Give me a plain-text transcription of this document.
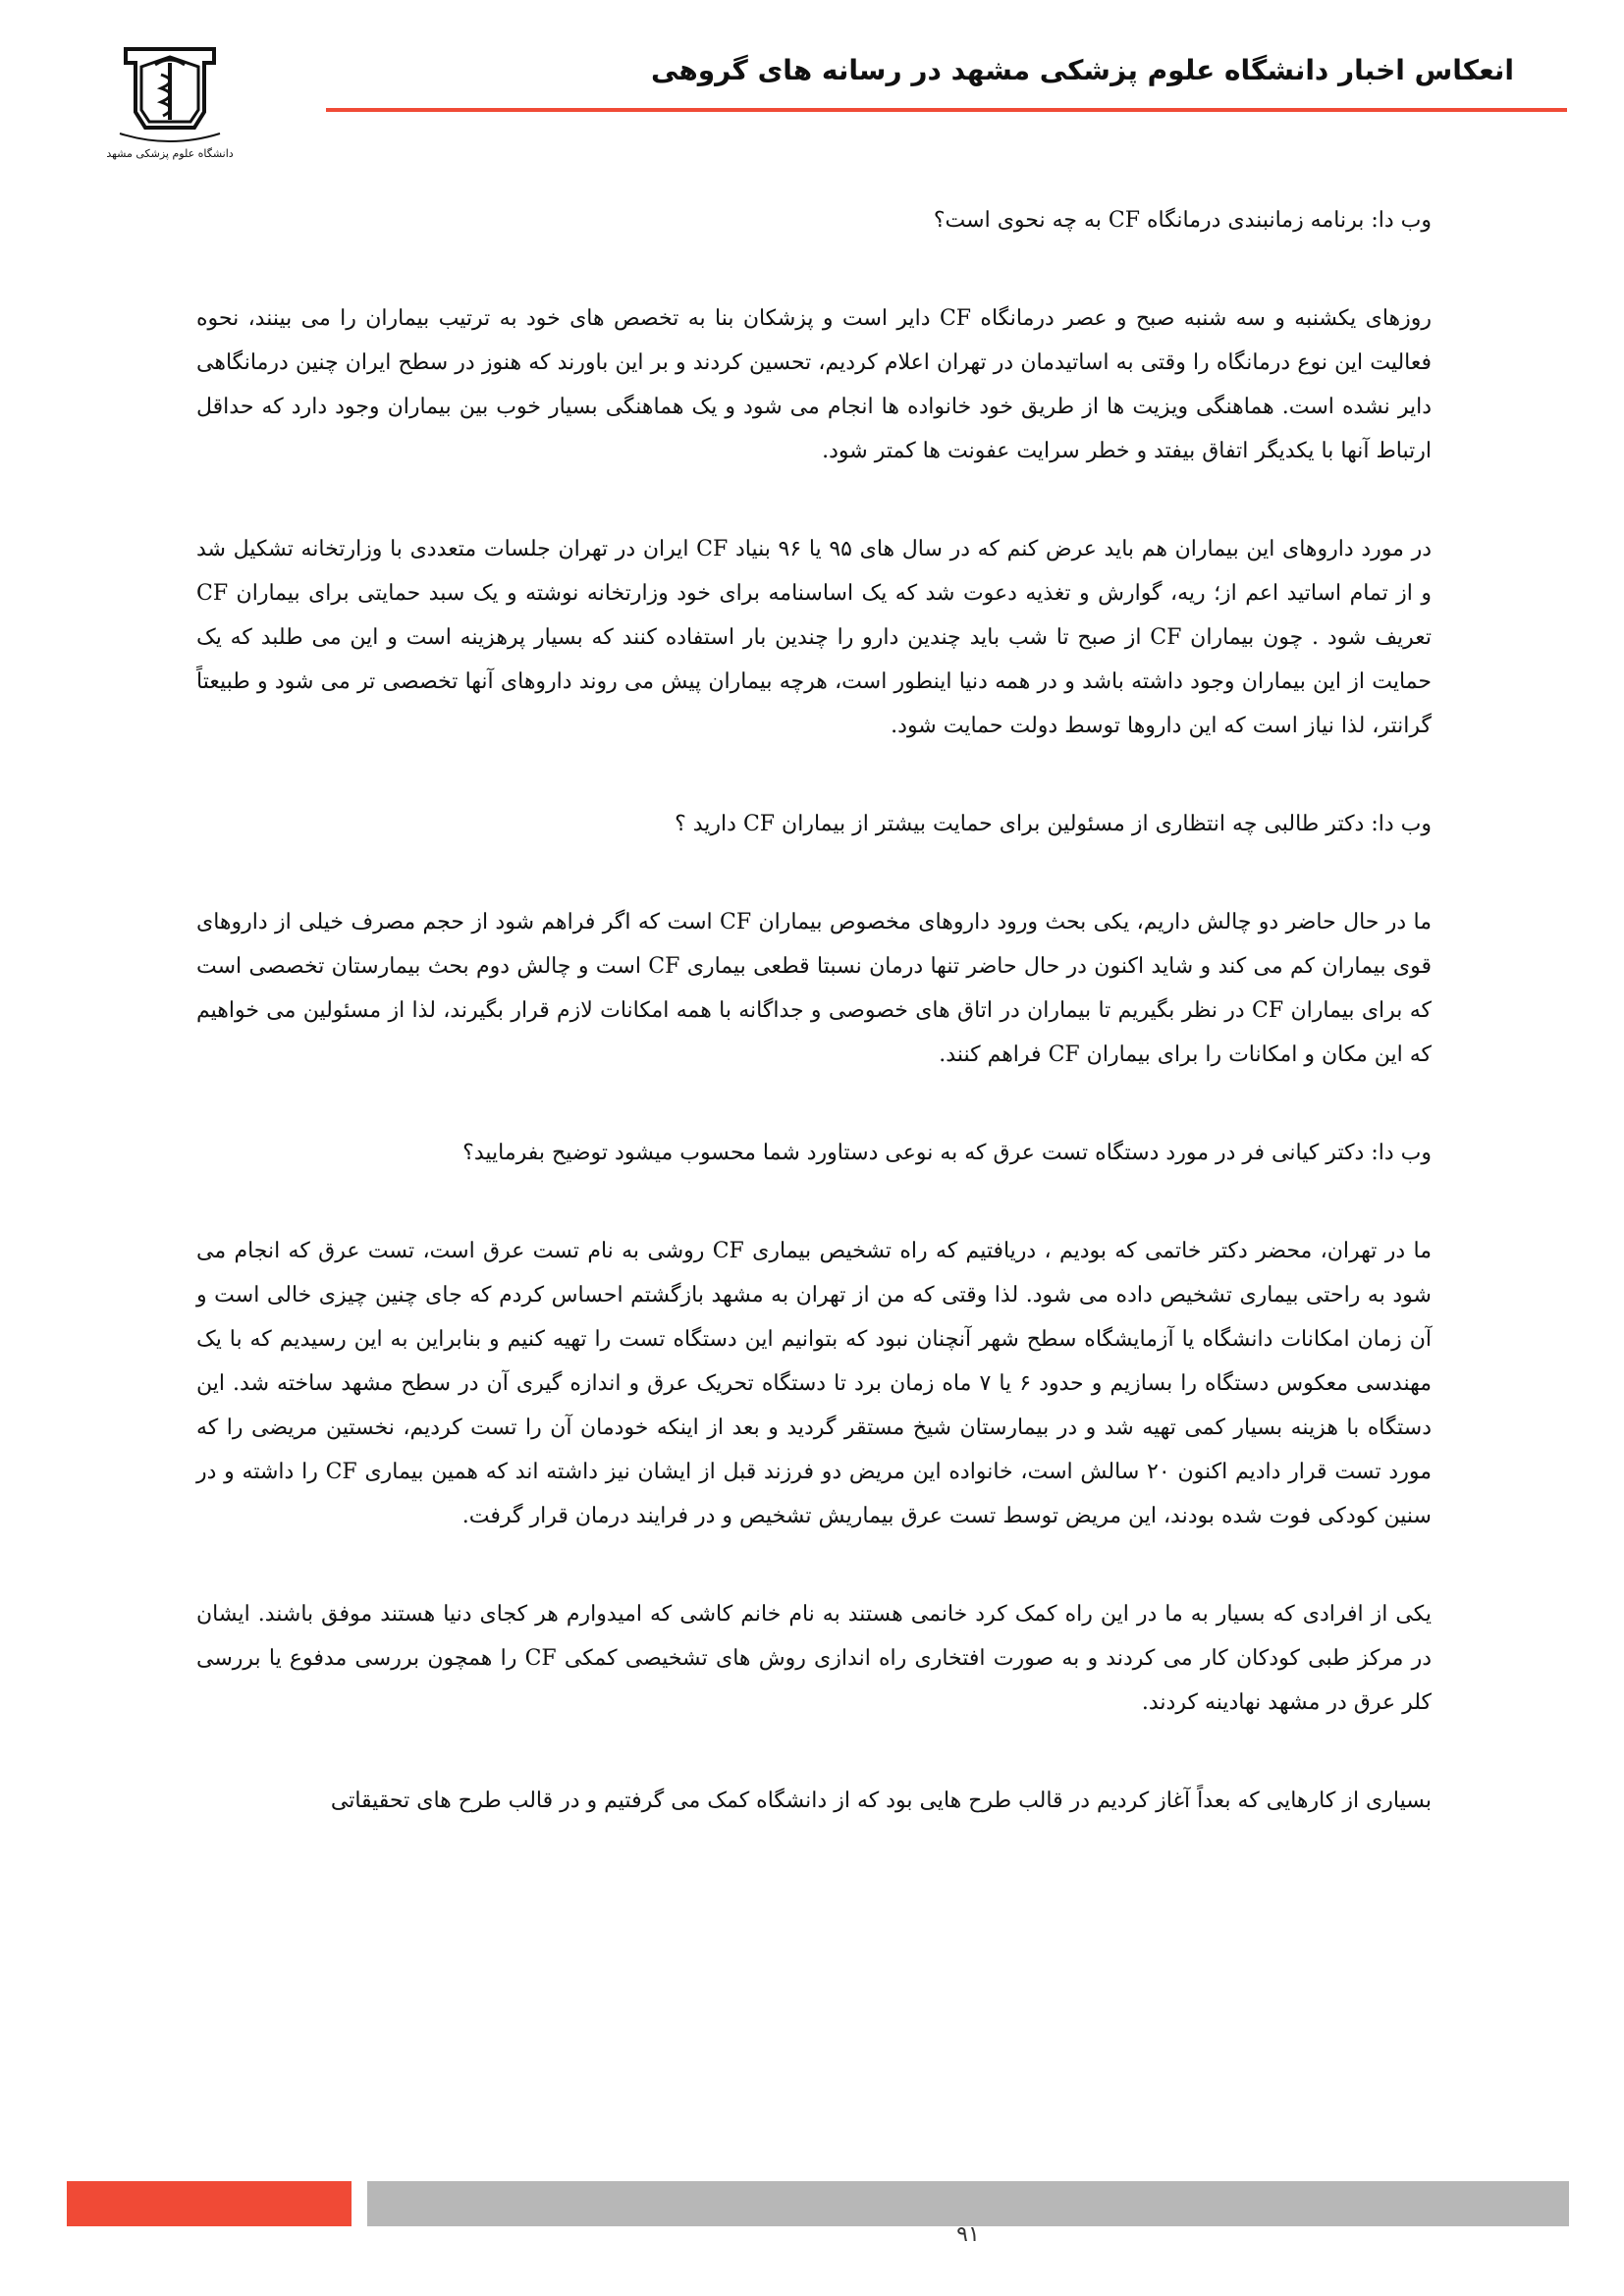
دانشگاه علوم پزشکی مشهد
انعکاس اخبار دانشگاه علوم پزشکی مشهد در رسانه های گروهی

وب دا: برنامه زمانبندی درمانگاه CF به چه نحوی است؟

روزهای یکشنبه و سه شنبه صبح و عصر درمانگاه CF دایر است و پزشکان بنا به تخصص های خود به ترتیب بیماران را می بینند، نحوه فعالیت این نوع درمانگاه را وقتی به اساتیدمان در تهران اعلام کردیم، تحسین کردند و بر این باورند که هنوز در سطح ایران چنین درمانگاهی دایر نشده است. هماهنگی ویزیت ها از طریق خود خانواده ها انجام می شود و یک هماهنگی بسیار خوب بین بیماران وجود دارد که حداقل ارتباط آنها با یکدیگر اتفاق بیفتد و خطر سرایت عفونت ها کمتر شود.

در مورد داروهای این بیماران هم باید عرض کنم که در سال های ۹۵ یا ۹۶ بنیاد CF ایران در تهران جلسات متعددی با وزارتخانه تشکیل شد و از تمام اساتید اعم از؛ ریه، گوارش و تغذیه دعوت شد که یک اساسنامه برای خود وزارتخانه نوشته و یک سبد حمایتی برای بیماران CF تعریف شود . چون بیماران CF از صبح تا شب باید چندین دارو را چندین بار استفاده کنند که بسیار پرهزینه است و این می طلبد که یک حمایت از این بیماران وجود داشته باشد و در همه دنیا اینطور است، هرچه بیماران پیش می روند داروهای آنها تخصصی تر می شود و طبیعتاً گرانتر، لذا نیاز است که این داروها توسط دولت حمایت شود.

وب دا: دکتر طالبی چه انتظاری از مسئولین برای حمایت بیشتر از بیماران CF دارید ؟

ما در حال حاضر دو چالش داریم، یکی بحث ورود داروهای مخصوص بیماران CF است که اگر فراهم شود از حجم مصرف خیلی از داروهای قوی بیماران کم می کند و شاید اکنون در حال حاضر تنها درمان نسبتا قطعی بیماری CF است و چالش دوم بحث بیمارستان تخصصی است که برای بیماران CF در نظر بگیریم تا بیماران در اتاق های خصوصی و جداگانه با همه امکانات لازم قرار بگیرند، لذا از مسئولین می خواهیم که این مکان و امکانات را برای بیماران CF فراهم کنند.

وب دا: دکتر کیانی فر در مورد دستگاه تست عرق که به نوعی دستاورد شما محسوب میشود توضیح بفرمایید؟

ما در تهران، محضر دکتر خاتمی که بودیم ، دریافتیم که راه تشخیص بیماری CF روشی به نام تست عرق است، تست عرق که انجام می شود به راحتی بیماری تشخیص داده می شود. لذا وقتی که من از تهران به مشهد بازگشتم احساس کردم که جای چنین چیزی خالی است و آن زمان امکانات دانشگاه یا آزمایشگاه سطح شهر آنچنان نبود که بتوانیم این دستگاه تست را تهیه کنیم و بنابراین به این رسیدیم که با یک مهندسی معکوس دستگاه را بسازیم و حدود ۶ یا ۷ ماه زمان برد تا دستگاه تحریک عرق و اندازه گیری آن در سطح مشهد ساخته شد. این دستگاه با هزینه بسیار کمی تهیه شد و در بیمارستان شیخ مستقر گردید و بعد از اینکه خودمان آن را تست کردیم، نخستین مریضی را که مورد تست قرار دادیم اکنون ۲۰ سالش است، خانواده این مریض دو فرزند قبل از ایشان نیز داشته اند که همین بیماری CF را داشته و در سنین کودکی فوت شده بودند، این مریض توسط تست عرق بیماریش تشخیص و در فرایند درمان قرار گرفت.

یکی از افرادی که بسیار به ما در این راه کمک کرد خانمی هستند به نام خانم کاشی که امیدوارم هر کجای دنیا هستند موفق باشند. ایشان در مرکز طبی کودکان کار می کردند و به صورت افتخاری راه اندازی روش های تشخیصی کمکی CF را همچون بررسی مدفوع یا بررسی کلر عرق در مشهد نهادینه کردند.

بسیاری از کارهایی که بعداً آغاز کردیم در قالب طرح هایی بود که از دانشگاه کمک می گرفتیم و در قالب طرح های تحقیقاتی

۹۱
